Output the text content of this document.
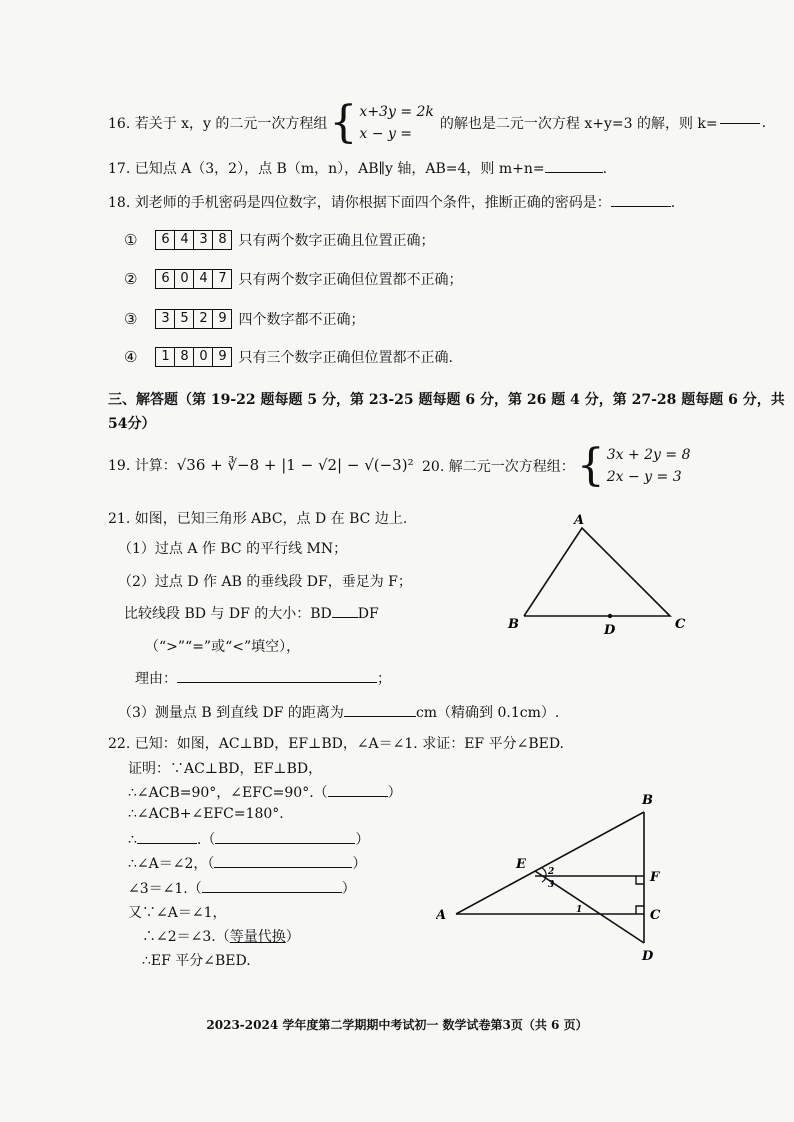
16. 若关于 x，y 的二元一次方程组 { x+3y = 2k
x − y =
的解也是二元一次方程 x+y=3 的解，则 k=	.
17. 已知点 A（3，2），点 B（m，n），AB∥y 轴，AB=4，则 m+n=	.
18. 刘老师的手机密码是四位数字，请你根据下面四个条件，推断正确的密码是：	.
①	6 4 3 8 只有两个数字正确且位置正确；
②	6 0 4 7 只有两个数字正确但位置都不正确；
③	3 5 2 9 四个数字都不正确；
④	1 8 0 9 只有三个数字正确但位置都不正确.
三、解答题（第 19-22 题每题 5 分，第 23-25 题每题 6 分，第 26 题 4 分，第 27-28 题每题 6 分，共
54分）
19. 计算：√36 + ∛−8 + |1 − √2| − √(−3)² 20. 解二元一次方程组： { 3x + 2y = 8
2x − y = 3
21. 如图，已知三角形 ABC，点 D 在 BC 边上.
（1）过点 A 作 BC 的平行线 MN；
（2）过点 D 作 AB 的垂线段 DF，垂足为 F；
比较线段 BD 与 DF 的大小：BD DF
（“>”“=”或“<”填空），
理由：	；
（3）测量点 B 到直线 DF 的距离为	cm（精确到 0.1cm）.
A
B	C
D
22. 已知：如图，AC⊥BD，EF⊥BD，∠A＝∠1. 求证：EF 平分∠BED.
证明：∵AC⊥BD，EF⊥BD，
∴∠ACB=90°，∠EFC=90°.（	）
∴∠ACB+∠EFC=180°.
∴	.（	）
∴∠A＝∠2，（	）
∠3＝∠1.（	）
又∵∠A＝∠1，
∴∠2＝∠3.（等量代换）
∴EF 平分∠BED.
A
B
C
D
E
F
2
3
1
2023-2024 学年度第二学期期中考试初一 数学试卷第3页（共 6 页）
